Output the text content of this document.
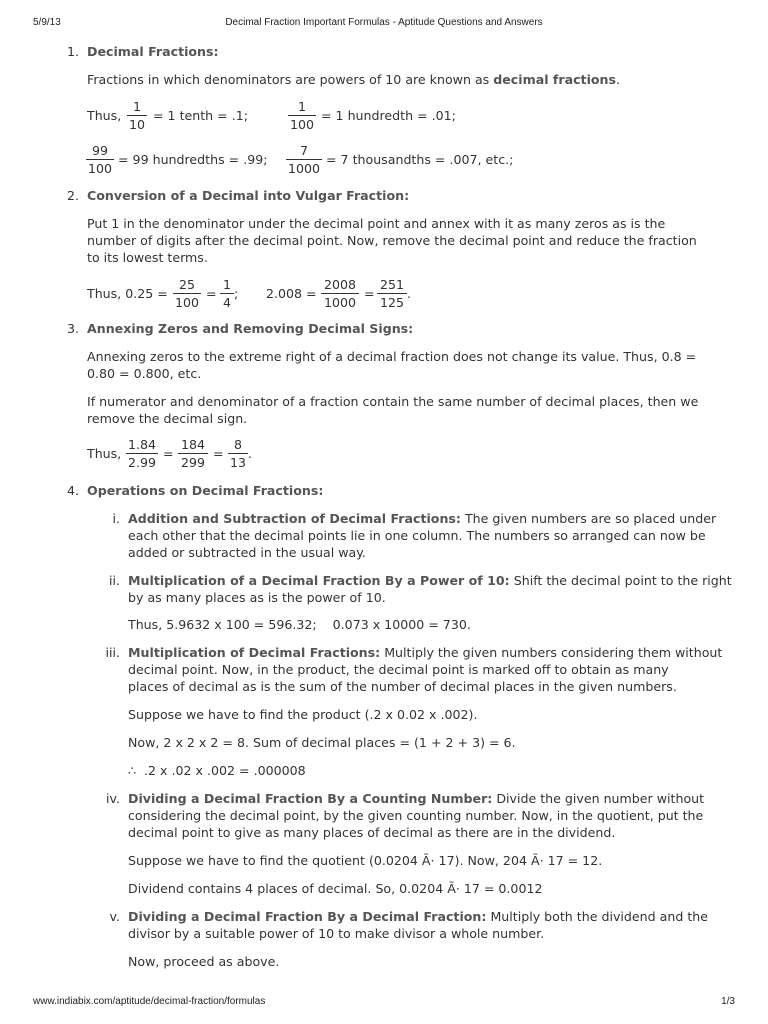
5/9/13	Decimal Fraction Important Formulas - Aptitude Questions and Answers
1. Decimal Fractions:
Fractions in which denominators are powers of 10 are known as decimal fractions.
Thus, $\frac{1}{10} = 1$ tenth = .1;	$\frac{1}{100} = 1$ hundredth = .01;
$\frac{99}{100} = 99$ hundredths = .99; $\frac{7}{1000} = 7$ thousandths = .007, etc.;
2. Conversion of a Decimal into Vulgar Fraction:
Put 1 in the denominator under the decimal point and annex with it as many zeros as is the
number of digits after the decimal point. Now, remove the decimal point and reduce the fraction
to its lowest terms.
Thus, $0.25 = \frac{25}{100} = \frac{1}{4}$ ; $2.008 = \frac{2008}{1000} = \frac{251}{125}$ .
3. Annexing Zeros and Removing Decimal Signs:
Annexing zeros to the extreme right of a decimal fraction does not change its value. Thus, 0.8 =
0.80 = 0.800, etc.
If numerator and denominator of a fraction contain the same number of decimal places, then we
remove the decimal sign.
Thus, $\frac{1.84}{2.99} = \frac{184}{299} = \frac{8}{13}$ .
4. Operations on Decimal Fractions:
i. Addition and Subtraction of Decimal Fractions: The given numbers are so placed under
each other that the decimal points lie in one column. The numbers so arranged can now be
added or subtracted in the usual way.
ii. Multiplication of a Decimal Fraction By a Power of 10: Shift the decimal point to the right
by as many places as is the power of 10.
Thus, 5.9632 x 100 = 596.32;    0.073 x 10000 = 730.
iii. Multiplication of Decimal Fractions: Multiply the given numbers considering them without
decimal point. Now, in the product, the decimal point is marked off to obtain as many
places of decimal as is the sum of the number of decimal places in the given numbers.
Suppose we have to find the product (.2 x 0.02 x .002).
Now, 2 x 2 x 2 = 8. Sum of decimal places = (1 + 2 + 3) = 6.
∴  .2 x .02 x .002 = .000008
iv. Dividing a Decimal Fraction By a Counting Number: Divide the given number without
considering the decimal point, by the given counting number. Now, in the quotient, put the
decimal point to give as many places of decimal as there are in the dividend.
Suppose we have to find the quotient (0.0204 Ã· 17). Now, 204 Ã· 17 = 12.
Dividend contains 4 places of decimal. So, 0.0204 Ã· 17 = 0.0012
v. Dividing a Decimal Fraction By a Decimal Fraction: Multiply both the dividend and the
divisor by a suitable power of 10 to make divisor a whole number.
Now, proceed as above.
www.indiabix.com/aptitude/decimal-fraction/formulas	1/3
